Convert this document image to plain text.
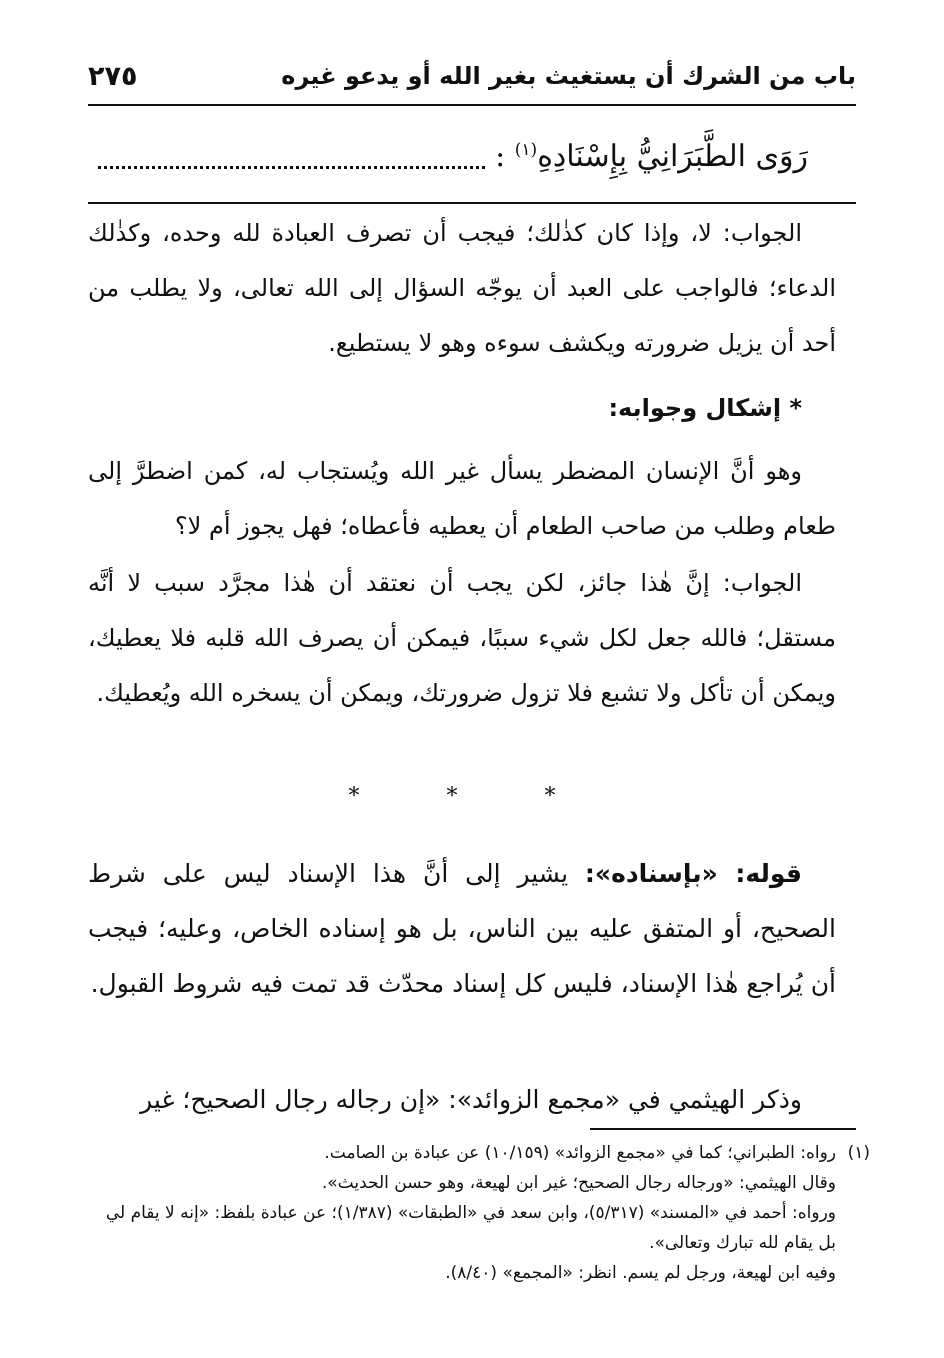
باب من الشرك أن يستغيث بغير الله أو يدعو غيره
٢٧٥
رَوَى الطَّبَرَانِيُّ بِإِسْنَادِهِ$^{(١)}$ :

الجواب: لا، وإذا كان كذٰلك؛ فيجب أن تصرف العبادة لله وحده، وكذٰلك الدعاء؛ فالواجب على العبد أن يوجّه السؤال إلى الله تعالى، ولا يطلب من أحد أن يزيل ضرورته ويكشف سوءه وهو لا يستطيع.

* إشكال وجوابه:

وهو أنَّ الإنسان المضطر يسأل غير الله ويُستجاب له، كمن اضطرَّ إلى طعام وطلب من صاحب الطعام أن يعطيه فأعطاه؛ فهل يجوز أم لا؟

الجواب: إنَّ هٰذا جائز، لكن يجب أن نعتقد أن هٰذا مجرَّد سبب لا أنَّه مستقل؛ فالله جعل لكل شيء سببًا، فيمكن أن يصرف الله قلبه فلا يعطيك، ويمكن أن تأكل ولا تشبع فلا تزول ضرورتك، ويمكن أن يسخره الله ويُعطيك.

* * *

قوله: «بإسناده»: يشير إلى أنَّ هذا الإسناد ليس على شرط الصحيح، أو المتفق عليه بين الناس، بل هو إسناده الخاص، وعليه؛ فيجب أن يُراجع هٰذا الإسناد، فليس كل إسناد محدّث قد تمت فيه شروط القبول.

وذكر الهيثمي في «مجمع الزوائد»: «إن رجاله رجال الصحيح؛ غير

(١)

رواه: الطبراني؛ كما في «مجمع الزوائد» (١٠/١٥٩) عن عبادة بن الصامت.

وقال الهيثمي: «ورجاله رجال الصحيح؛ غير ابن لهيعة، وهو حسن الحديث».

ورواه: أحمد في «المسند» (٥/٣١٧)، وابن سعد في «الطبقات» (١/٣٨٧)؛ عن عبادة بلفظ: «إنه لا يقام لي بل يقام لله تبارك وتعالى».

وفيه ابن لهيعة، ورجل لم يسم. انظر: «المجمع» (٨/٤٠).
